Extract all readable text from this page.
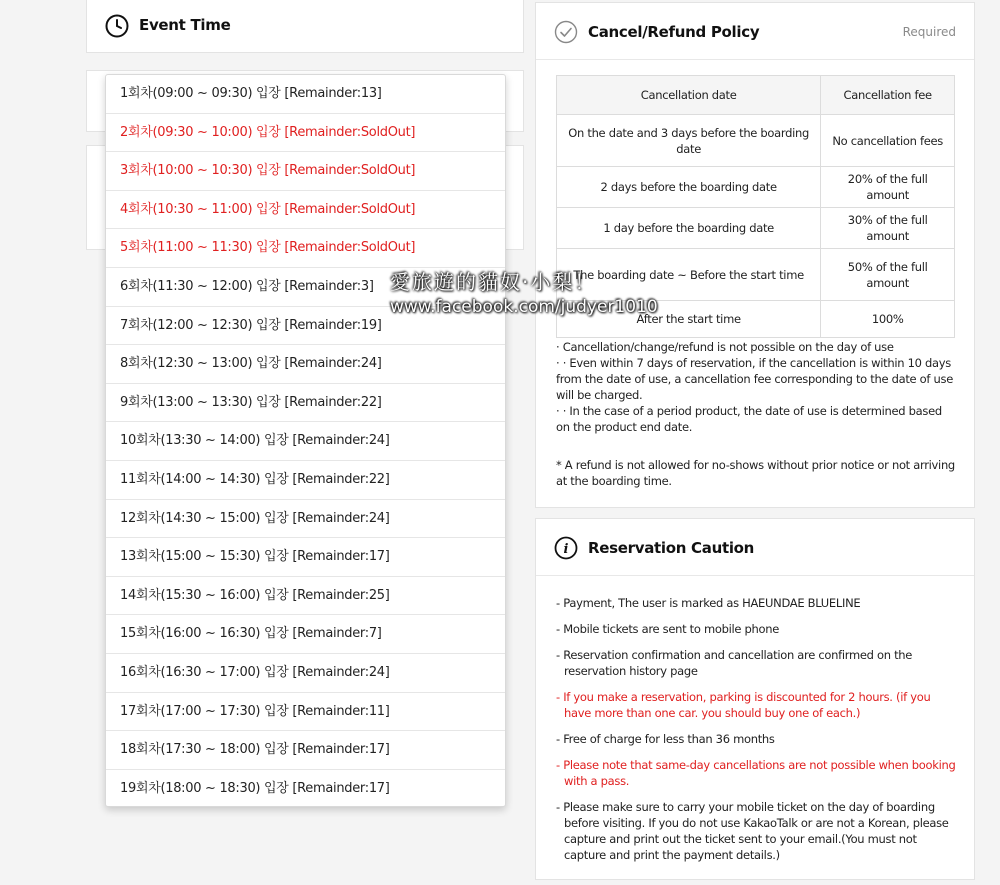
Event Time
1회차(09:00 ~ 09:30) 입장 [Remainder:13]
2회차(09:30 ~ 10:00) 입장 [Remainder:SoldOut]
3회차(10:00 ~ 10:30) 입장 [Remainder:SoldOut]
4회차(10:30 ~ 11:00) 입장 [Remainder:SoldOut]
5회차(11:00 ~ 11:30) 입장 [Remainder:SoldOut]
6회차(11:30 ~ 12:00) 입장 [Remainder:3]
7회차(12:00 ~ 12:30) 입장 [Remainder:19]
8회차(12:30 ~ 13:00) 입장 [Remainder:24]
9회차(13:00 ~ 13:30) 입장 [Remainder:22]
10회차(13:30 ~ 14:00) 입장 [Remainder:24]
11회차(14:00 ~ 14:30) 입장 [Remainder:22]
12회차(14:30 ~ 15:00) 입장 [Remainder:24]
13회차(15:00 ~ 15:30) 입장 [Remainder:17]
14회차(15:30 ~ 16:00) 입장 [Remainder:25]
15회차(16:00 ~ 16:30) 입장 [Remainder:7]
16회차(16:30 ~ 17:00) 입장 [Remainder:24]
17회차(17:00 ~ 17:30) 입장 [Remainder:11]
18회차(17:30 ~ 18:00) 입장 [Remainder:17]
19회차(18:00 ~ 18:30) 입장 [Remainder:17]
Cancel/Refund Policy	Required
Cancellation date	Cancellation fee
On the date and 3 days before the boarding date	No cancellation fees
2 days before the boarding date	20% of the full amount
1 day before the boarding date	30% of the full amount
The boarding date ~ Before the start time	50% of the full amount
After the start time	100%

· Cancellation/change/refund is not possible on the day of use

· · Even within 7 days of reservation, if the cancellation is within 10 days from the date of use, a cancellation fee corresponding to the date of use will be charged.

· · In the case of a period product, the date of use is determined based on the product end date.

* A refund is not allowed for no-shows without prior notice or not arriving at the boarding time.

i Reservation Caution
- Payment, The user is marked as HAEUNDAE BLUELINE
- Mobile tickets are sent to mobile phone
- Reservation confirmation and cancellation are confirmed on the reservation history page
- If you make a reservation, parking is discounted for 2 hours. (if you have more than one car. you should buy one of each.)
- Free of charge for less than 36 months
- Please note that same-day cancellations are not possible when booking with a pass.
- Please make sure to carry your mobile ticket on the day of boarding before visiting. If you do not use KakaoTalk or are not a Korean, please capture and print out the ticket sent to your email.(You must not capture and print the payment details.)
愛旅遊的貓奴‧小梨！
www.facebook.com/judyer1010
